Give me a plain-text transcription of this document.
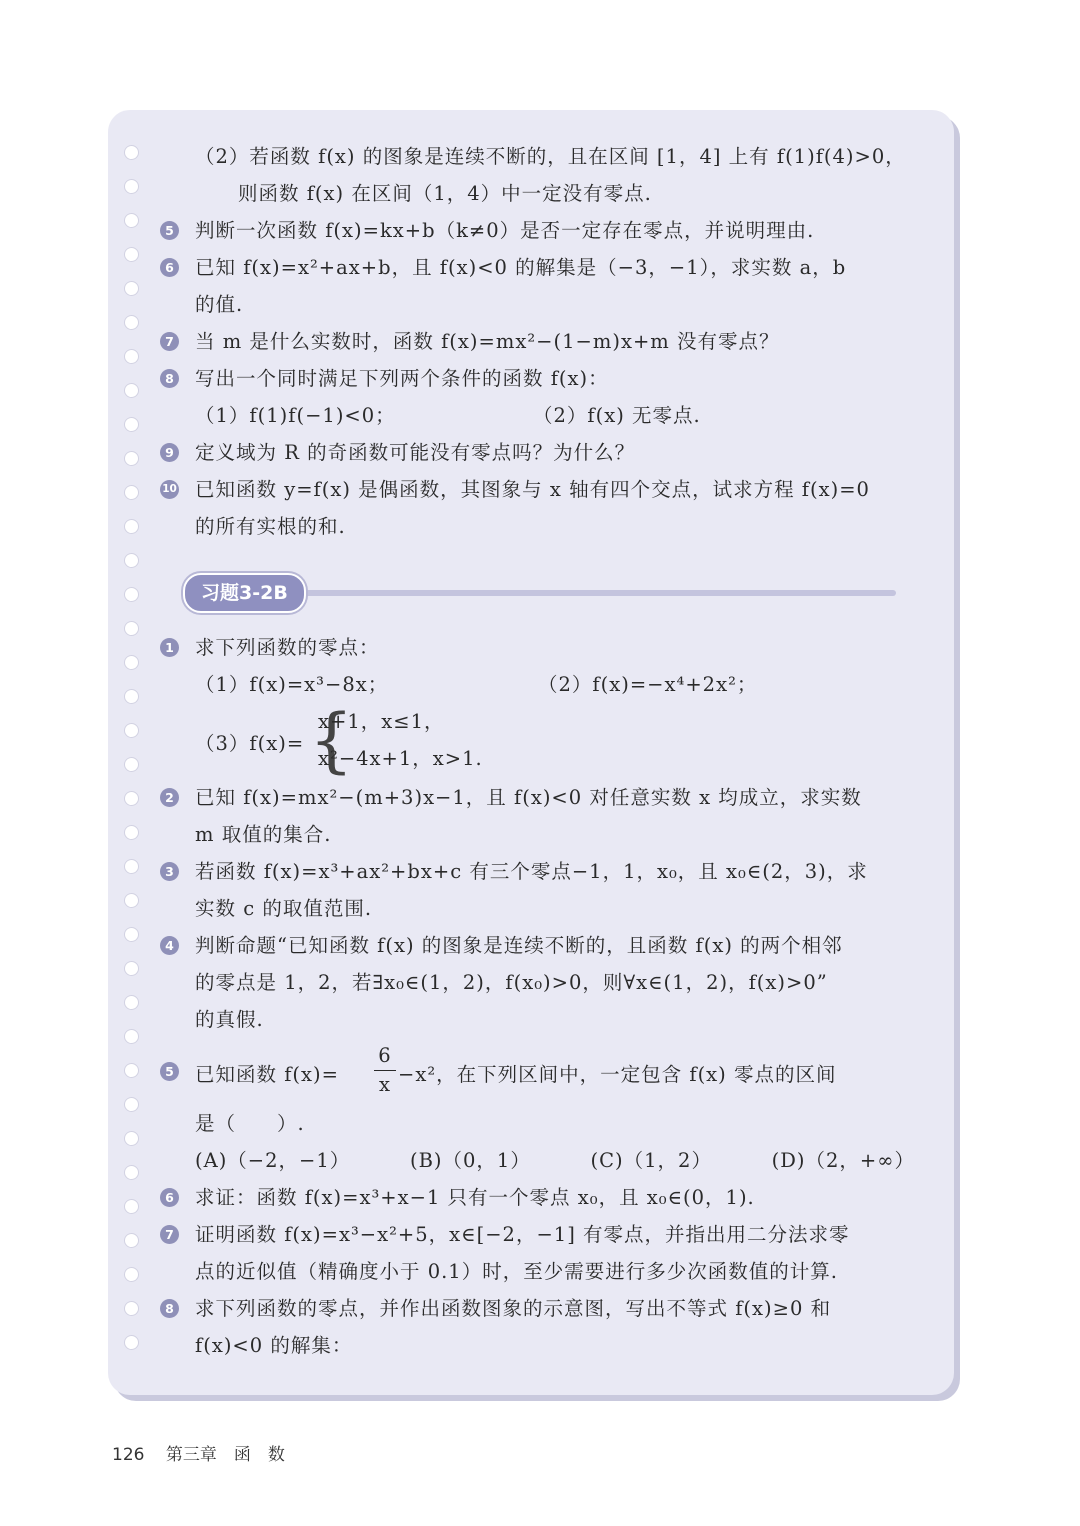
（2）若函数 f(x) 的图象是连续不断的，且在区间 [1，4] 上有 f(1)f(4)>0，
则函数 f(x) 在区间（1，4）中一定没有零点.
5 判断一次函数 f(x)=kx+b（k≠0）是否一定存在零点，并说明理由.
6 已知 f(x)=x²+ax+b，且 f(x)<0 的解集是（−3，−1），求实数 a，b
的值.
7 当 m 是什么实数时，函数 f(x)=mx²−(1−m)x+m 没有零点？
8 写出一个同时满足下列两个条件的函数 f(x)：
（1）f(1)f(−1)<0；	（2）f(x) 无零点.
9 定义域为 R 的奇函数可能没有零点吗？为什么？
10 已知函数 y=f(x) 是偶函数，其图象与 x 轴有四个交点，试求方程 f(x)=0
的所有实根的和.
习题3-2B
1 求下列函数的零点：
（1）f(x)=x³−8x；	（2）f(x)=−x⁴+2x²；
（3）f(x)= {
x+1，x≤1，
x²−4x+1，x>1.
2 已知 f(x)=mx²−(m+3)x−1，且 f(x)<0 对任意实数 x 均成立，求实数
m 取值的集合.
3 若函数 f(x)=x³+ax²+bx+c 有三个零点−1，1，x₀，且 x₀∈(2，3)，求
实数 c 的取值范围.
4 判断命题“已知函数 f(x) 的图象是连续不断的，且函数 f(x) 的两个相邻
的零点是 1，2，若∃x₀∈(1，2)，f(x₀)>0，则∀x∈(1，2)，f(x)>0”
的真假.
5 已知函数 $f(x)= \frac{6}{x} -x^2$，在下列区间中，一定包含 f(x) 零点的区间
是（　　）.
(A)（−2，−1）	(B)（0，1）	(C)（1，2）	(D)（2，+∞）
6 求证：函数 f(x)=x³+x−1 只有一个零点 x₀，且 x₀∈(0，1).
7 证明函数 f(x)=x³−x²+5，x∈[−2，−1] 有零点，并指出用二分法求零
点的近似值（精确度小于 0.1）时，至少需要进行多少次函数值的计算.
8 求下列函数的零点，并作出函数图象的示意图，写出不等式 f(x)≥0 和
f(x)<0 的解集：
126 第三章　函　数
